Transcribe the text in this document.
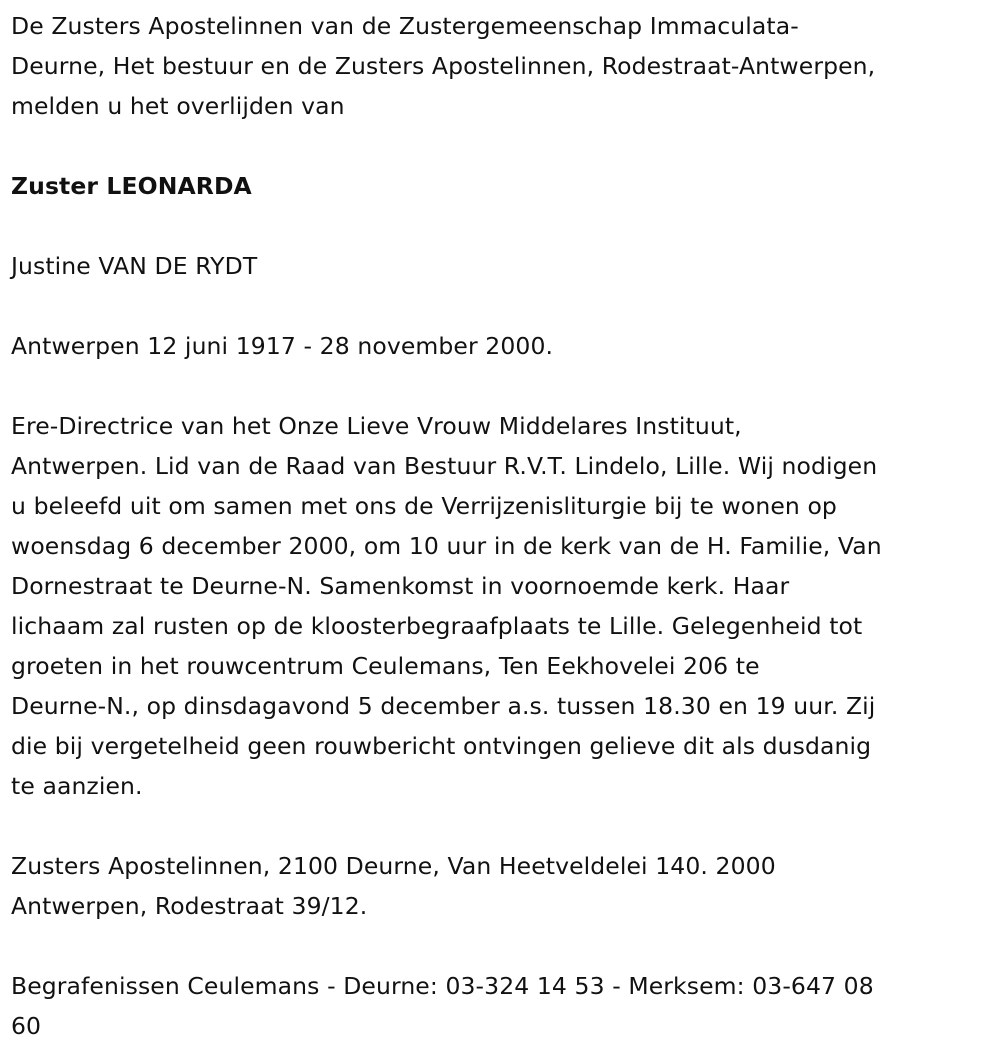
De Zusters Apostelinnen van de Zustergemeenschap Immaculata-
Deurne, Het bestuur en de Zusters Apostelinnen, Rodestraat-Antwerpen,
melden u het overlijden van

Zuster LEONARDA

Justine VAN DE RYDT

Antwerpen 12 juni 1917 - 28 november 2000.

Ere-Directrice van het Onze Lieve Vrouw Middelares Instituut,
Antwerpen. Lid van de Raad van Bestuur R.V.T. Lindelo, Lille. Wij nodigen
u beleefd uit om samen met ons de Verrijzenisliturgie bij te wonen op
woensdag 6 december 2000, om 10 uur in de kerk van de H. Familie, Van
Dornestraat te Deurne-N. Samenkomst in voornoemde kerk. Haar
lichaam zal rusten op de kloosterbegraafplaats te Lille. Gelegenheid tot
groeten in het rouwcentrum Ceulemans, Ten Eekhovelei 206 te
Deurne-N., op dinsdagavond 5 december a.s. tussen 18.30 en 19 uur. Zij
die bij vergetelheid geen rouwbericht ontvingen gelieve dit als dusdanig
te aanzien.

Zusters Apostelinnen, 2100 Deurne, Van Heetveldelei 140. 2000
Antwerpen, Rodestraat 39/12.

Begrafenissen Ceulemans - Deurne: 03-324 14 53 - Merksem: 03-647 08
60
